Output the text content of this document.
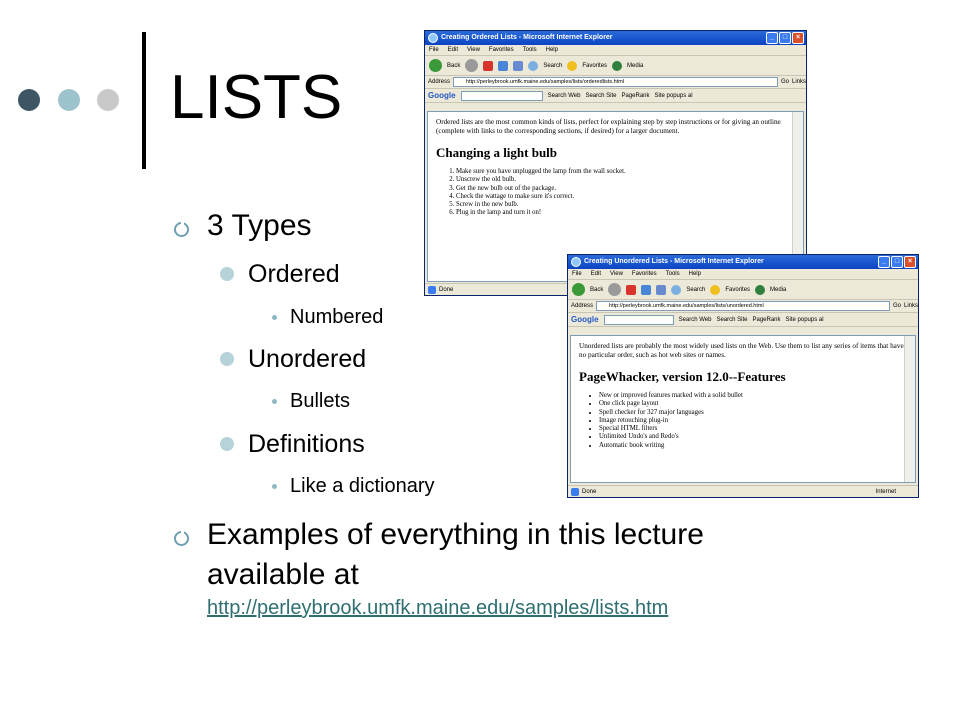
LISTS
3 Types
Ordered
Numbered
Unordered
Bullets
Definitions
Like a dictionary
Examples of everything in this lecture
available at
http://perleybrook.umfk.maine.edu/samples/lists.htm
Creating Ordered Lists - Microsoft Internet Explorer	_	□	×
File Edit View Favorites Tools Help
Back	Search	Favorites	Media
Address	http://perleybrook.umfk.maine.edu/samples/lists/orderedlists.html	Go Links
Google	Search Web Search Site PageRank Site popups al

Ordered lists are the most common kinds of lists, perfect for explaining step by step instructions or for giving an outline (complete with links to the corresponding sections, if desired) for a larger document.

Changing a light bulb
1. Make sure you have unplugged the lamp from the wall socket.
2. Unscrew the old bulb.
3. Get the new bulb out of the package.
4. Check the wattage to make sure it's correct.
5. Screw in the new bulb.
6. Plug in the lamp and turn it on!
Done
Creating Unordered Lists - Microsoft Internet Explorer	_	□	×
File Edit View Favorites Tools Help
Back	Search	Favorites	Media
Address	http://perleybrook.umfk.maine.edu/samples/lists/unordered.html	Go Links
Google	Search Web Search Site PageRank Site popups al

Unordered lists are probably the most widely used lists on the Web. Use them to list any series of items that have no particular order, such as hot web sites or names.

PageWhacker, version 12.0--Features
• New or improved features marked with a solid bullet
• One click page layout
• Spell checker for 327 major languages
• Image retouching plug-in
• Special HTML filters
• Unlimited Undo's and Redo's
• Automatic book writing
Done	Internet
